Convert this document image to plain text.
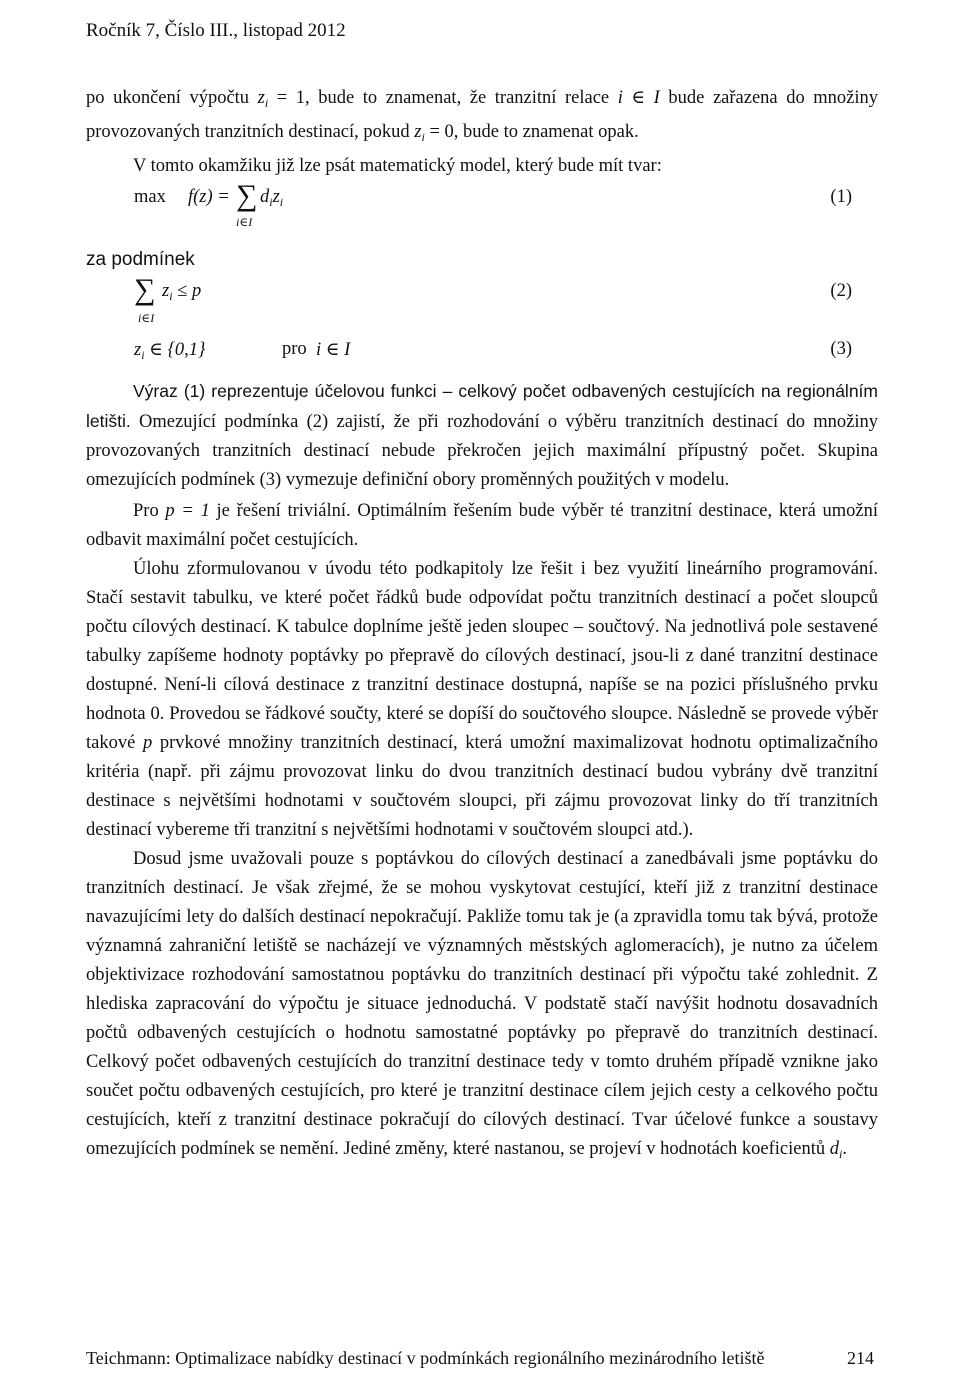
Ročník 7, Číslo III., listopad 2012

po ukončení výpočtu $z_i = 1$, bude to znamenat, že tranzitní relace i ∈ I bude zařazena do množiny provozovaných tranzitních destinací, pokud $z_i = 0$, bude to znamenat opak.

V tomto okamžiku již lze psát matematický model, který bude mít tvar:

max f(z) = ∑
i∈I
$d_iz_i$	(1)
za podmínek
∑
i∈I
$z_i \le p$	(2)
$z_i$ ∈ {0,1}	pro i ∈ I	(3)

Výraz (1) reprezentuje účelovou funkci – celkový počet odbavených cestujících na regionálním letišti. Omezující podmínka (2) zajistí, že při rozhodování o výběru tranzitních destinací do množiny provozovaných tranzitních destinací nebude překročen jejich maximální přípustný počet. Skupina omezujících podmínek (3) vymezuje definiční obory proměnných použitých v modelu.

Pro p = 1 je řešení triviální. Optimálním řešením bude výběr té tranzitní destinace, která umožní odbavit maximální počet cestujících.

Úlohu zformulovanou v úvodu této podkapitoly lze řešit i bez využití lineárního programování. Stačí sestavit tabulku, ve které počet řádků bude odpovídat počtu tranzitních destinací a počet sloupců počtu cílových destinací. K tabulce doplníme ještě jeden sloupec – součtový. Na jednotlivá pole sestavené tabulky zapíšeme hodnoty poptávky po přepravě do cílových destinací, jsou-li z dané tranzitní destinace dostupné. Není-li cílová destinace z tranzitní destinace dostupná, napíše se na pozici příslušného prvku hodnota 0. Provedou se řádkové součty, které se dopíší do součtového sloupce. Následně se provede výběr takové p prvkové množiny tranzitních destinací, která umožní maximalizovat hodnotu optimalizačního kritéria (např. při zájmu provozovat linku do dvou tranzitních destinací budou vybrány dvě tranzitní destinace s největšími hodnotami v součtovém sloupci, při zájmu provozovat linky do tří tranzitních destinací vybereme tři tranzitní s největšími hodnotami v součtovém sloupci atd.).

Dosud jsme uvažovali pouze s poptávkou do cílových destinací a zanedbávali jsme poptávku do tranzitních destinací. Je však zřejmé, že se mohou vyskytovat cestující, kteří již z tranzitní destinace navazujícími lety do dalších destinací nepokračují. Pakliže tomu tak je (a zpravidla tomu tak bývá, protože významná zahraniční letiště se nacházejí ve významných městských aglomeracích), je nutno za účelem objektivizace rozhodování samostatnou poptávku do tranzitních destinací při výpočtu také zohlednit. Z hlediska zapracování do výpočtu je situace jednoduchá. V podstatě stačí navýšit hodnotu dosavadních počtů odbavených cestujících o hodnotu samostatné poptávky po přepravě do tranzitních destinací. Celkový počet odbavených cestujících do tranzitní destinace tedy v tomto druhém případě vznikne jako součet počtu odbavených cestujících, pro které je tranzitní destinace cílem jejich cesty a celkového počtu cestujících, kteří z tranzitní destinace pokračují do cílových destinací. Tvar účelové funkce a soustavy omezujících podmínek se nemění. Jediné změny, které nastanou, se projeví v hodnotách koeficientů $d_i$.

Teichmann: Optimalizace nabídky destinací v podmínkách regionálního mezinárodního letiště	214
